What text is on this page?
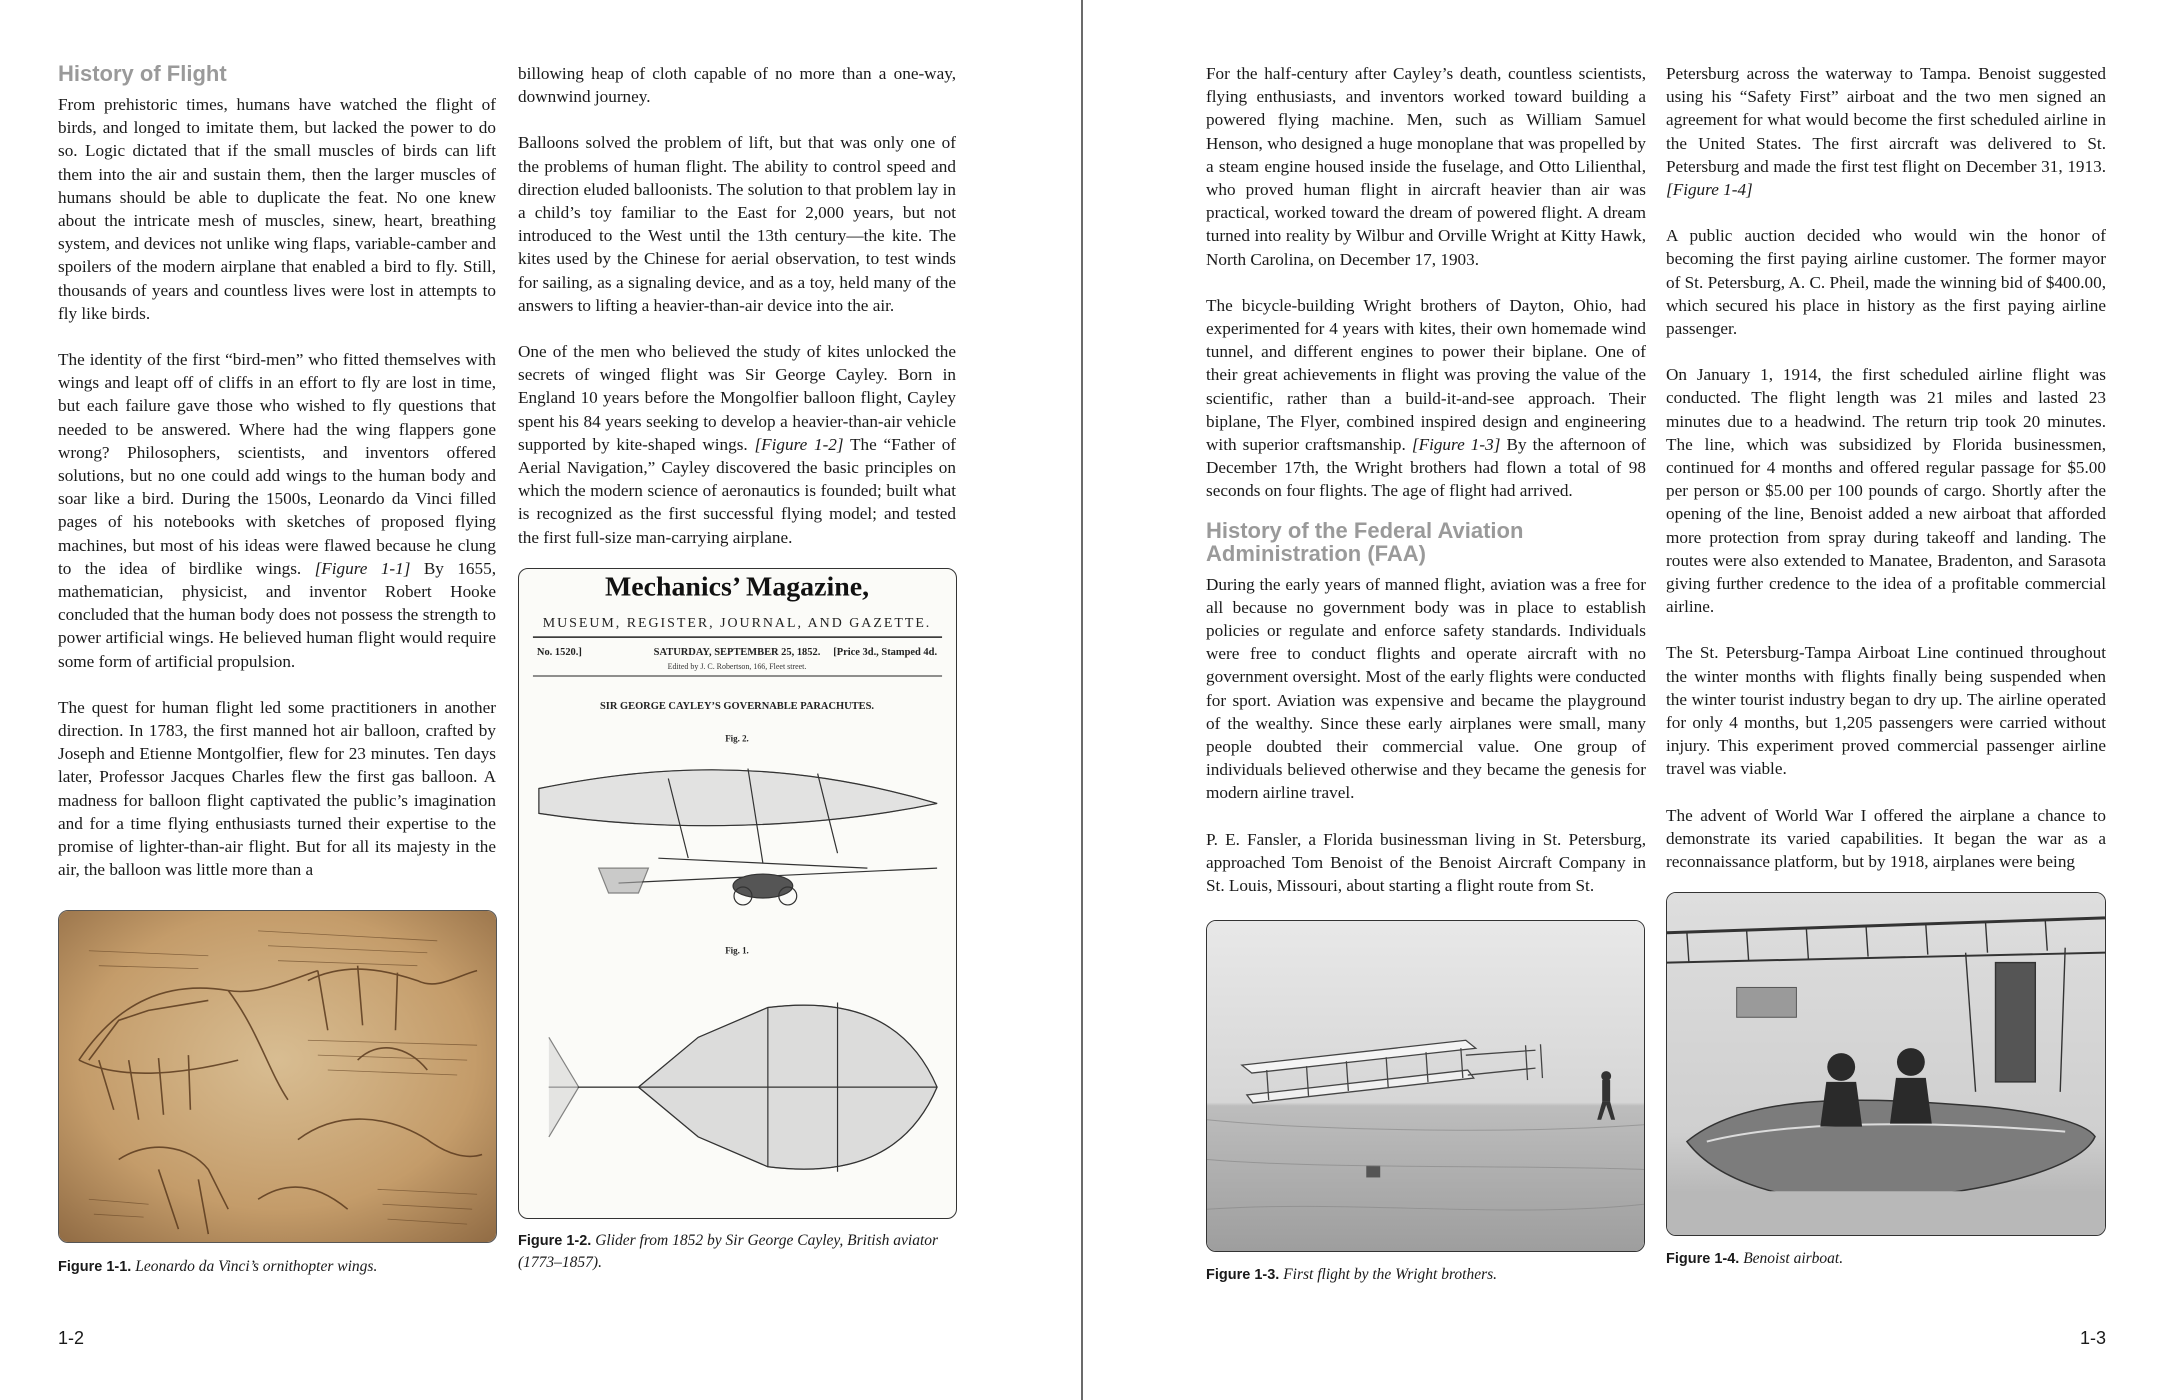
History of Flight

From prehistoric times, humans have watched the flight of birds, and longed to imitate them, but lacked the power to do so. Logic dictated that if the small muscles of birds can lift them into the air and sustain them, then the larger muscles of humans should be able to duplicate the feat. No one knew about the intricate mesh of muscles, sinew, heart, breathing system, and devices not unlike wing flaps, variable-camber and spoilers of the modern airplane that enabled a bird to fly. Still, thousands of years and countless lives were lost in attempts to fly like birds.

The identity of the first “bird-men” who fitted themselves with wings and leapt off of cliffs in an effort to fly are lost in time, but each failure gave those who wished to fly questions that needed to be answered. Where had the wing flappers gone wrong? Philosophers, scientists, and inventors offered solutions, but no one could add wings to the human body and soar like a bird. During the 1500s, Leonardo da Vinci filled pages of his notebooks with sketches of proposed flying machines, but most of his ideas were flawed because he clung to the idea of birdlike wings. [Figure 1-1] By 1655, mathematician, physicist, and inventor Robert Hooke concluded that the human body does not possess the strength to power artificial wings. He believed human flight would require some form of artificial propulsion.

The quest for human flight led some practitioners in another direction. In 1783, the first manned hot air balloon, crafted by Joseph and Etienne Montgolfier, flew for 23 minutes. Ten days later, Professor Jacques Charles flew the first gas balloon. A madness for balloon flight captivated the public’s imagination and for a time flying enthusiasts turned their expertise to the promise of lighter-than-air flight. But for all its majesty in the air, the balloon was little more than a

Figure 1-1. Leonardo da Vinci’s ornithopter wings.

billowing heap of cloth capable of no more than a one-way, downwind journey.

Balloons solved the problem of lift, but that was only one of the problems of human flight. The ability to control speed and direction eluded balloonists. The solution to that problem lay in a child’s toy familiar to the East for 2,000 years, but not introduced to the West until the 13th century—the kite. The kites used by the Chinese for aerial observation, to test winds for sailing, as a signaling device, and as a toy, held many of the answers to lifting a heavier-than-air device into the air.

One of the men who believed the study of kites unlocked the secrets of winged flight was Sir George Cayley. Born in England 10 years before the Mongolfier balloon flight, Cayley spent his 84 years seeking to develop a heavier-than-air vehicle supported by kite-shaped wings. [Figure 1-2] The “Father of Aerial Navigation,” Cayley discovered the basic principles on which the modern science of aeronautics is founded; built what is recognized as the first successful flying model; and tested the first full-size man-carrying airplane.

Mechanics’ Magazine,
MUSEUM, REGISTER, JOURNAL, AND GAZETTE.
No. 1520.]	SATURDAY, SEPTEMBER 25, 1852. [Price 3d., Stamped 4d.
Edited by J. C. Robertson, 166, Fleet street.
SIR GEORGE CAYLEY’S GOVERNABLE PARACHUTES.
Fig. 2.
Fig. 1.
Figure 1-2. Glider from 1852 by Sir George Cayley, British aviator (1773–1857).
1-2

For the half-century after Cayley’s death, countless scientists, flying enthusiasts, and inventors worked toward building a powered flying machine. Men, such as William Samuel Henson, who designed a huge monoplane that was propelled by a steam engine housed inside the fuselage, and Otto Lilienthal, who proved human flight in aircraft heavier than air was practical, worked toward the dream of powered flight. A dream turned into reality by Wilbur and Orville Wright at Kitty Hawk, North Carolina, on December 17, 1903.

The bicycle-building Wright brothers of Dayton, Ohio, had experimented for 4 years with kites, their own homemade wind tunnel, and different engines to power their biplane. One of their great achievements in flight was proving the value of the scientific, rather than a build-it-and-see approach. Their biplane, The Flyer, combined inspired design and engineering with superior craftsmanship. [Figure 1-3] By the afternoon of December 17th, the Wright brothers had flown a total of 98 seconds on four flights. The age of flight had arrived.

History of the Federal Aviation Administration (FAA)

During the early years of manned flight, aviation was a free for all because no government body was in place to establish policies or regulate and enforce safety standards. Individuals were free to conduct flights and operate aircraft with no government oversight. Most of the early flights were conducted for sport. Aviation was expensive and became the playground of the wealthy. Since these early airplanes were small, many people doubted their commercial value. One group of individuals believed otherwise and they became the genesis for modern airline travel.

P. E. Fansler, a Florida businessman living in St. Petersburg, approached Tom Benoist of the Benoist Aircraft Company in St. Louis, Missouri, about starting a flight route from St.

Figure 1-3. First flight by the Wright brothers.

Petersburg across the waterway to Tampa. Benoist suggested using his “Safety First” airboat and the two men signed an agreement for what would become the first scheduled airline in the United States. The first aircraft was delivered to St. Petersburg and made the first test flight on December 31, 1913. [Figure 1-4]

A public auction decided who would win the honor of becoming the first paying airline customer. The former mayor of St. Petersburg, A. C. Pheil, made the winning bid of $400.00, which secured his place in history as the first paying airline passenger.

On January 1, 1914, the first scheduled airline flight was conducted. The flight length was 21 miles and lasted 23 minutes due to a headwind. The return trip took 20 minutes. The line, which was subsidized by Florida businessmen, continued for 4 months and offered regular passage for $5.00 per person or $5.00 per 100 pounds of cargo. Shortly after the opening of the line, Benoist added a new airboat that afforded more protection from spray during takeoff and landing. The routes were also extended to Manatee, Bradenton, and Sarasota giving further credence to the idea of a profitable commercial airline.

The St. Petersburg-Tampa Airboat Line continued throughout the winter months with flights finally being suspended when the winter tourist industry began to dry up. The airline operated for only 4 months, but 1,205 passengers were carried without injury. This experiment proved commercial passenger airline travel was viable.

The advent of World War I offered the airplane a chance to demonstrate its varied capabilities. It began the war as a reconnaissance platform, but by 1918, airplanes were being

Figure 1-4. Benoist airboat.
1-3
